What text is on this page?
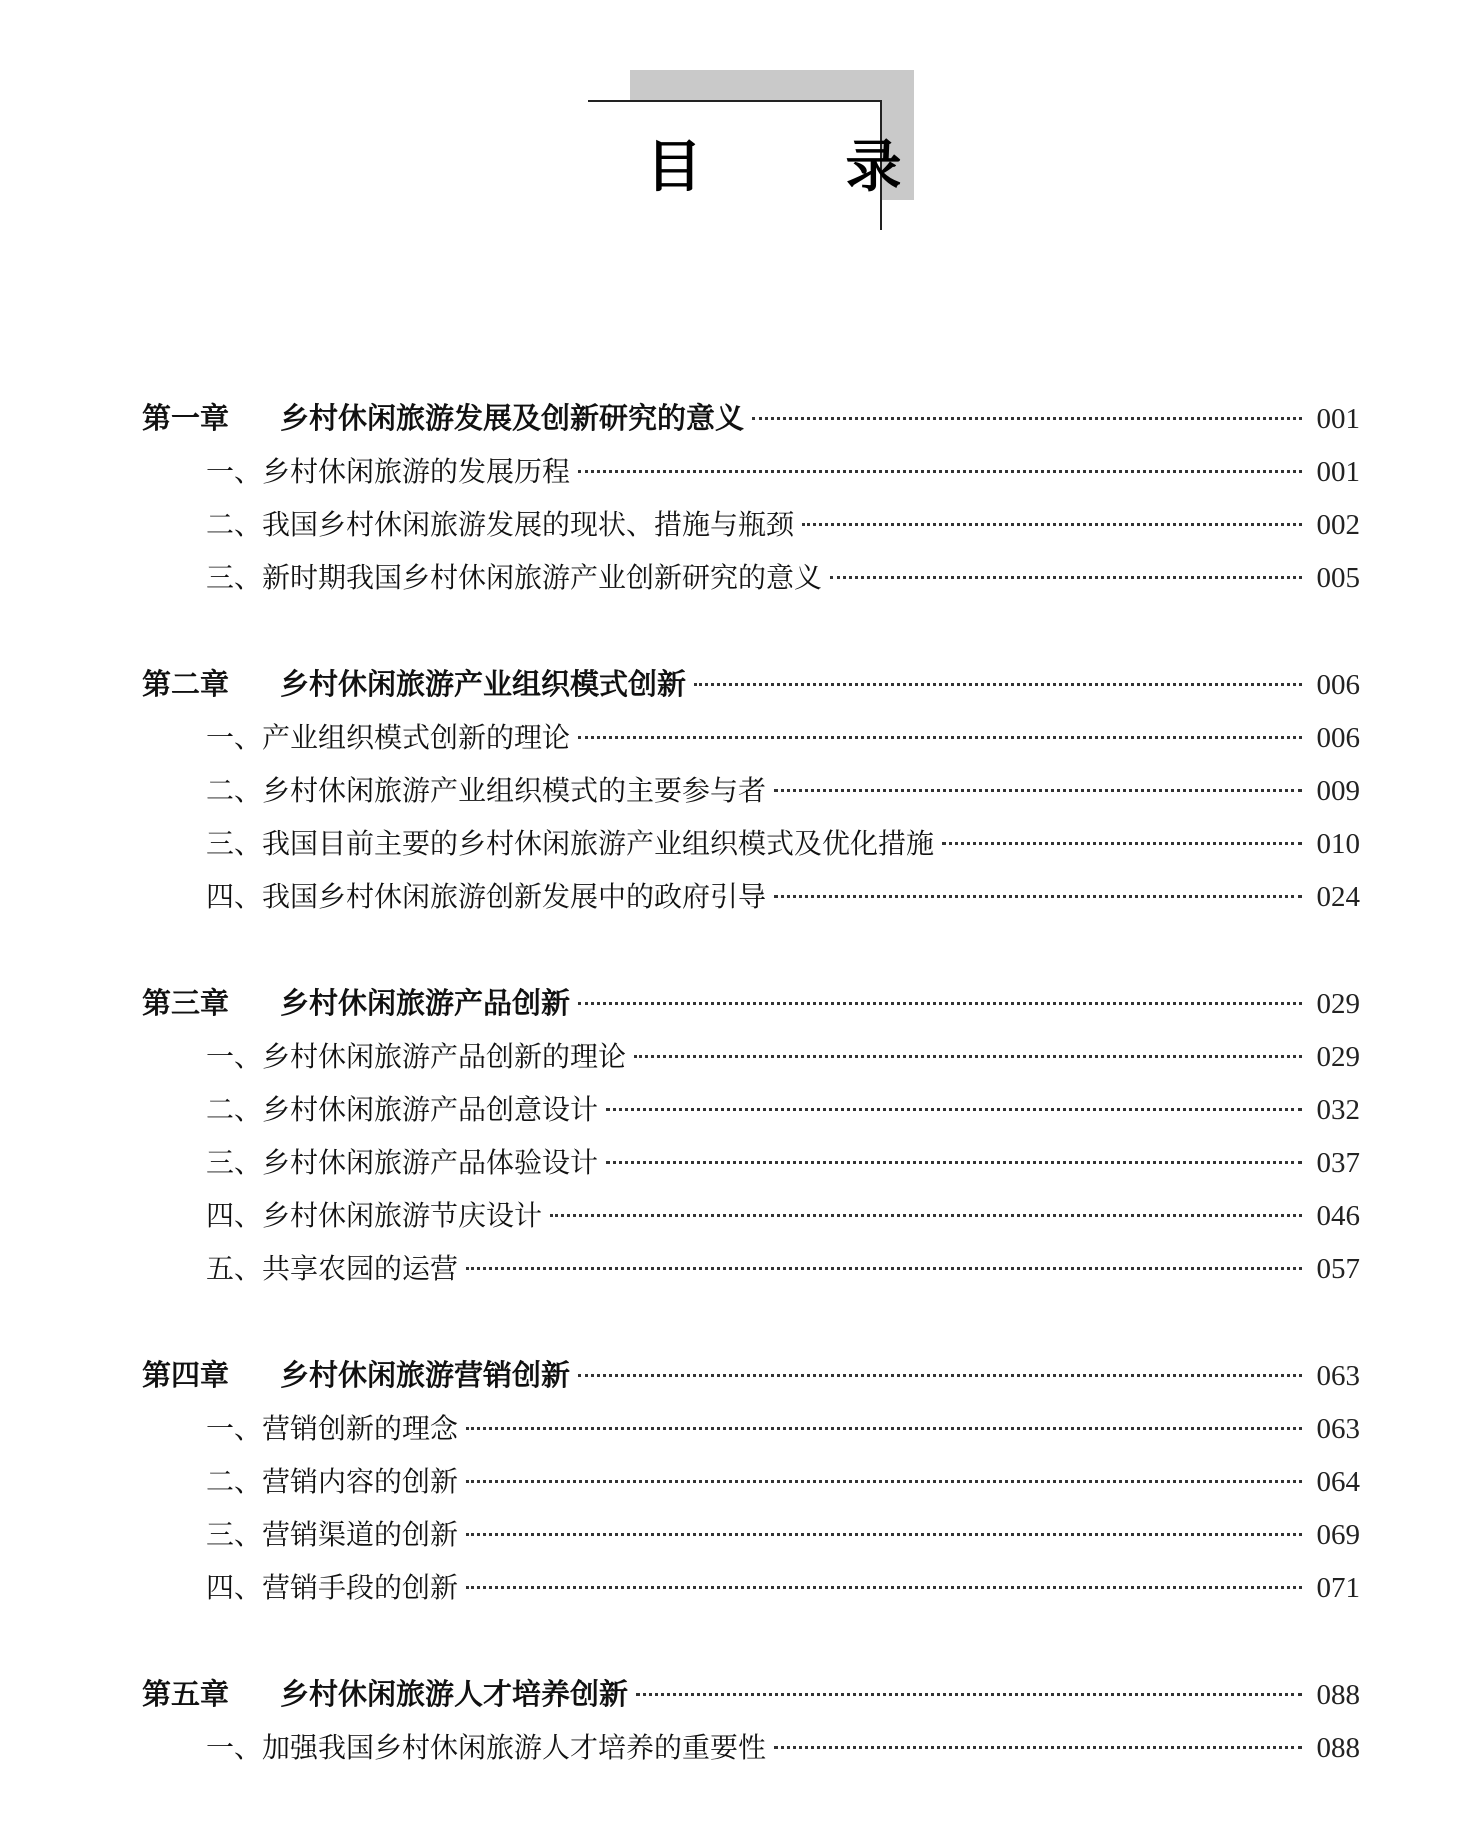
目 录
第一章 乡村休闲旅游发展及创新研究的意义	001
一、乡村休闲旅游的发展历程	001
二、我国乡村休闲旅游发展的现状、措施与瓶颈	002
三、新时期我国乡村休闲旅游产业创新研究的意义	005
第二章 乡村休闲旅游产业组织模式创新	006
一、产业组织模式创新的理论	006
二、乡村休闲旅游产业组织模式的主要参与者	009
三、我国目前主要的乡村休闲旅游产业组织模式及优化措施	010
四、我国乡村休闲旅游创新发展中的政府引导	024
第三章 乡村休闲旅游产品创新	029
一、乡村休闲旅游产品创新的理论	029
二、乡村休闲旅游产品创意设计	032
三、乡村休闲旅游产品体验设计	037
四、乡村休闲旅游节庆设计	046
五、共享农园的运营	057
第四章 乡村休闲旅游营销创新	063
一、营销创新的理念	063
二、营销内容的创新	064
三、营销渠道的创新	069
四、营销手段的创新	071
第五章 乡村休闲旅游人才培养创新	088
一、加强我国乡村休闲旅游人才培养的重要性	088
